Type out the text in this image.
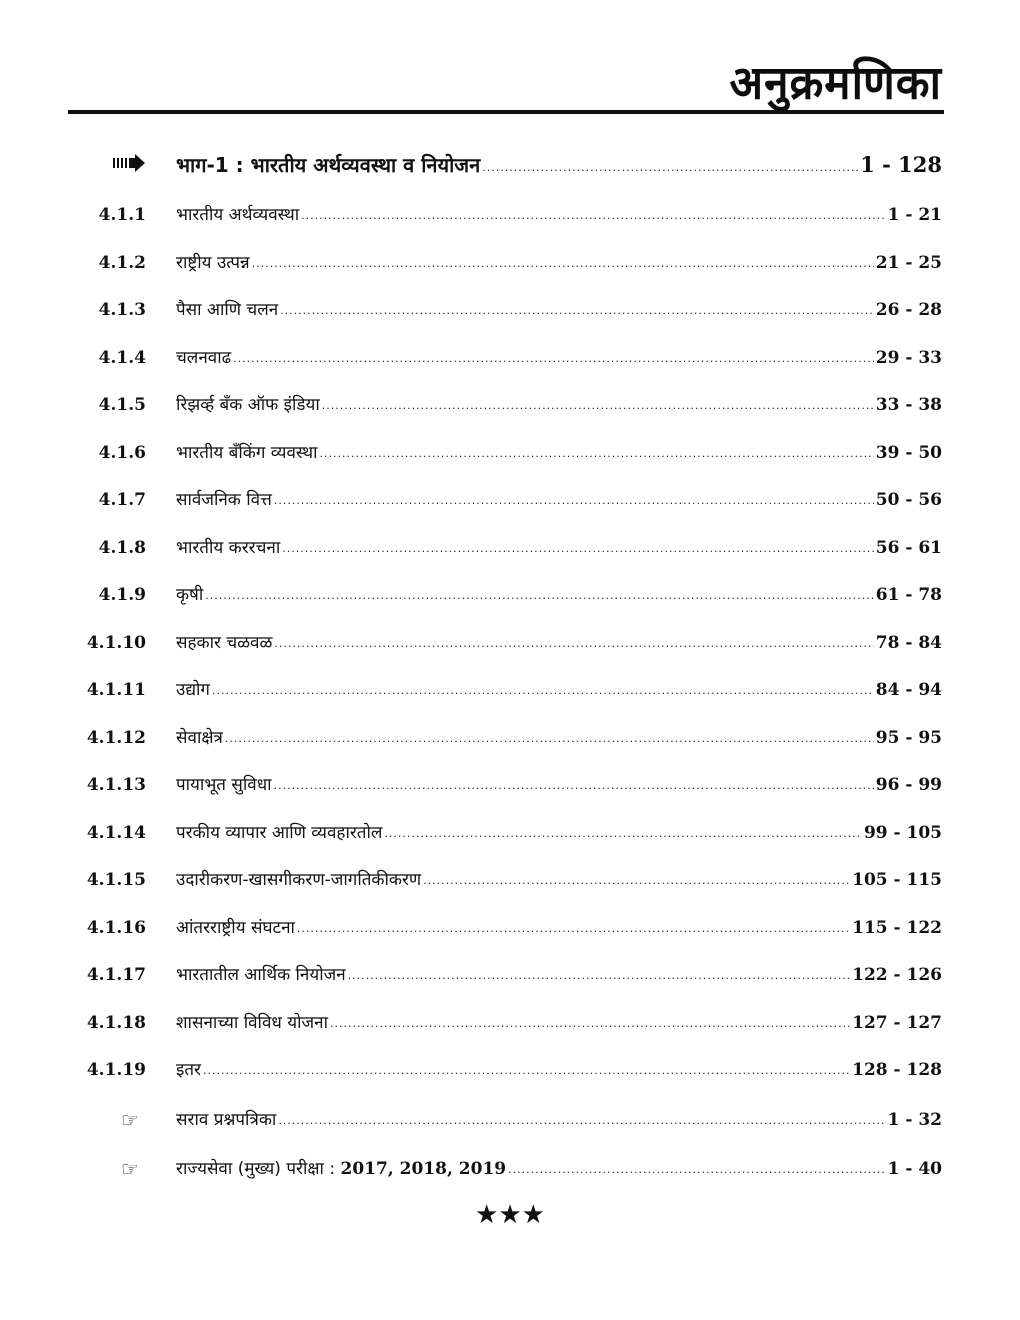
अनुक्रमणिका
भाग-1 : भारतीय अर्थव्यवस्था व नियोजन .....	1 - 128
4.1.1 भारतीय अर्थव्यवस्था .....	1 - 21
4.1.2 राष्ट्रीय उत्पन्न .....	21 - 25
4.1.3 पैसा आणि चलन .....	26 - 28
4.1.4 चलनवाढ .....	29 - 33
4.1.5 रिझर्व्ह बँक ऑफ इंडिया .....	33 - 38
4.1.6 भारतीय बँकिंग व्यवस्था .....	39 - 50
4.1.7 सार्वजनिक वित्त .....	50 - 56
4.1.8 भारतीय कररचना .....	56 - 61
4.1.9 कृषी .....	61 - 78
4.1.10 सहकार चळवळ .....	78 - 84
4.1.11 उद्योग .....	84 - 94
4.1.12 सेवाक्षेत्र .....	95 - 95
4.1.13 पायाभूत सुविधा .....	96 - 99
4.1.14 परकीय व्यापार आणि व्यवहारतोल .....	99 - 105
4.1.15 उदारीकरण-खासगीकरण-जागतिकीकरण .....	105 - 115
4.1.16 आंतरराष्ट्रीय संघटना .....	115 - 122
4.1.17 भारतातील आर्थिक नियोजन .....	122 - 126
4.1.18 शासनाच्या विविध योजना .....	127 - 127
4.1.19 इतर .....	128 - 128
☞	सराव प्रश्नपत्रिका .....	1 - 32
☞	राज्यसेवा (मुख्य) परीक्षा : 2017, 2018, 2019 .....	1 - 40
★★★
